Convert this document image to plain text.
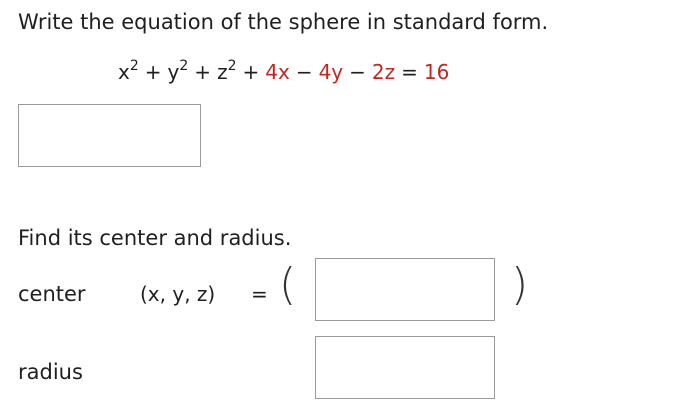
Write the equation of the sphere in standard form.
$x^2 + y^2 + z^2 + 4x - 4y - 2z = 16$
Find its center and radius.
center	(x, y, z) = (	)
radius
